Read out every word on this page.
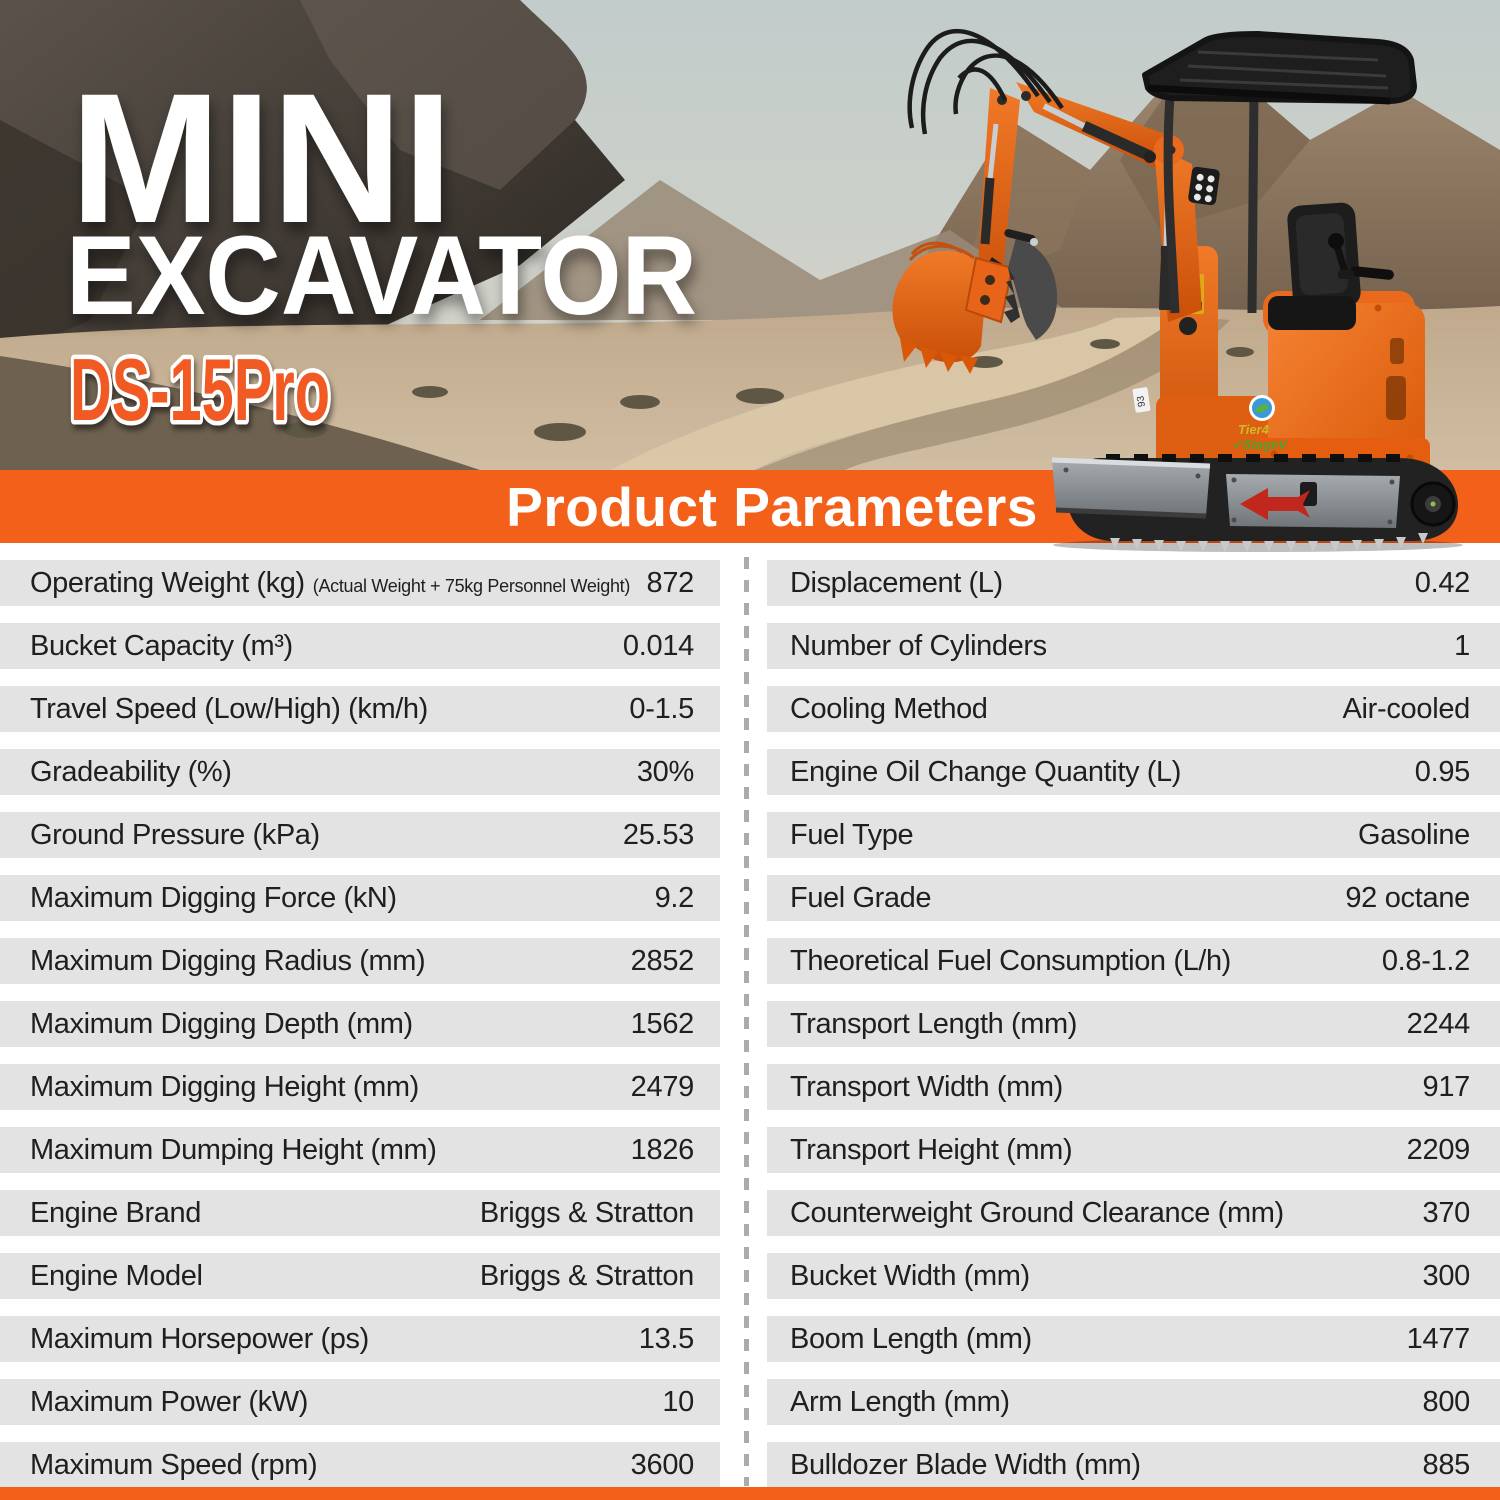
MINI
EXCAVATOR
DS-15Pro
Product Parameters
93
Tier4
✓StageV
Operating Weight (kg) (Actual Weight + 75kg Personnel Weight) 872
Bucket Capacity (m³)	0.014
Travel Speed (Low/High) (km/h)	0-1.5
Gradeability (%)	30%
Ground Pressure (kPa)	25.53
Maximum Digging Force (kN)	9.2
Maximum Digging Radius (mm)	2852
Maximum Digging Depth (mm)	1562
Maximum Digging Height (mm)	2479
Maximum Dumping Height (mm)	1826
Engine Brand	Briggs & Stratton
Engine Model	Briggs & Stratton
Maximum Horsepower (ps)	13.5
Maximum Power (kW)	10
Maximum Speed (rpm)	3600
Displacement (L)	0.42
Number of Cylinders	1
Cooling Method	Air-cooled
Engine Oil Change Quantity (L)	0.95
Fuel Type	Gasoline
Fuel Grade	92 octane
Theoretical Fuel Consumption (L/h)	0.8-1.2
Transport Length (mm)	2244
Transport Width (mm)	917
Transport Height (mm)	2209
Counterweight Ground Clearance (mm)	370
Bucket Width (mm)	300
Boom Length (mm)	1477
Arm Length (mm)	800
Bulldozer Blade Width (mm)	885
